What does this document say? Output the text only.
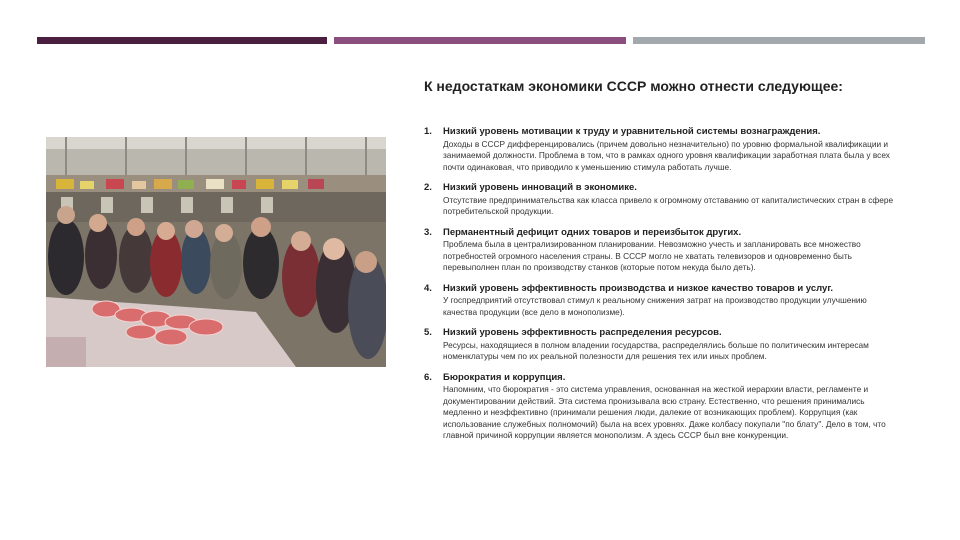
К недостаткам экономики СССР можно отнести следующее:
1.	Низкий уровень мотивации к труду и уравнительной системы вознаграждения.
Доходы в СССР дифференцировались (причем довольно незначительно) по уровню формальной квалификации и занимаемой должности. Проблема в том, что в рамках одного уровня квалификации заработная плата была у всех почти одинаковая, что приводило к уменьшению стимула работать лучше.
2.	Низкий уровень инноваций в экономике.
Отсутствие предпринимательства как класса привело к огромному отставанию от капиталистических стран в сфере потребительской продукции.
3.	Перманентный дефицит одних товаров и переизбыток других.
Проблема была в централизированном планировании. Невозможно учесть и запланировать все множество потребностей огромного населения страны. В СССР могло не хватать телевизоров и одновременно быть перевыполнен план по производству станков (которые потом некуда было деть).
4.	Низкий уровень эффективность производства и низкое качество товаров и услуг.
У госпредприятий отсутствовал стимул к реальному снижения затрат на производство продукции улучшению качества продукции (все дело в монополизме).
5.	Низкий уровень эффективность распределения ресурсов.
Ресурсы, находящиеся в полном владении государства, распределялись больше по политическим интересам номенклатуры чем по их реальной полезности для решения тех или иных проблем.
6.	Бюрократия и коррупция.
Напомним, что бюрократия - это система управления, основанная на жесткой иерархии власти, регламенте и документировании действий. Эта система пронизывала всю страну. Естественно, что решения принимались медленно и неэффективно (принимали решения люди, далекие от возникающих проблем). Коррупция (как использование служебных полномочий) была на всех уровнях. Даже колбасу покупали "по блату". Дело в том, что главной причиной коррупции является монополизм. А здесь СССР был вне конкуренции.
